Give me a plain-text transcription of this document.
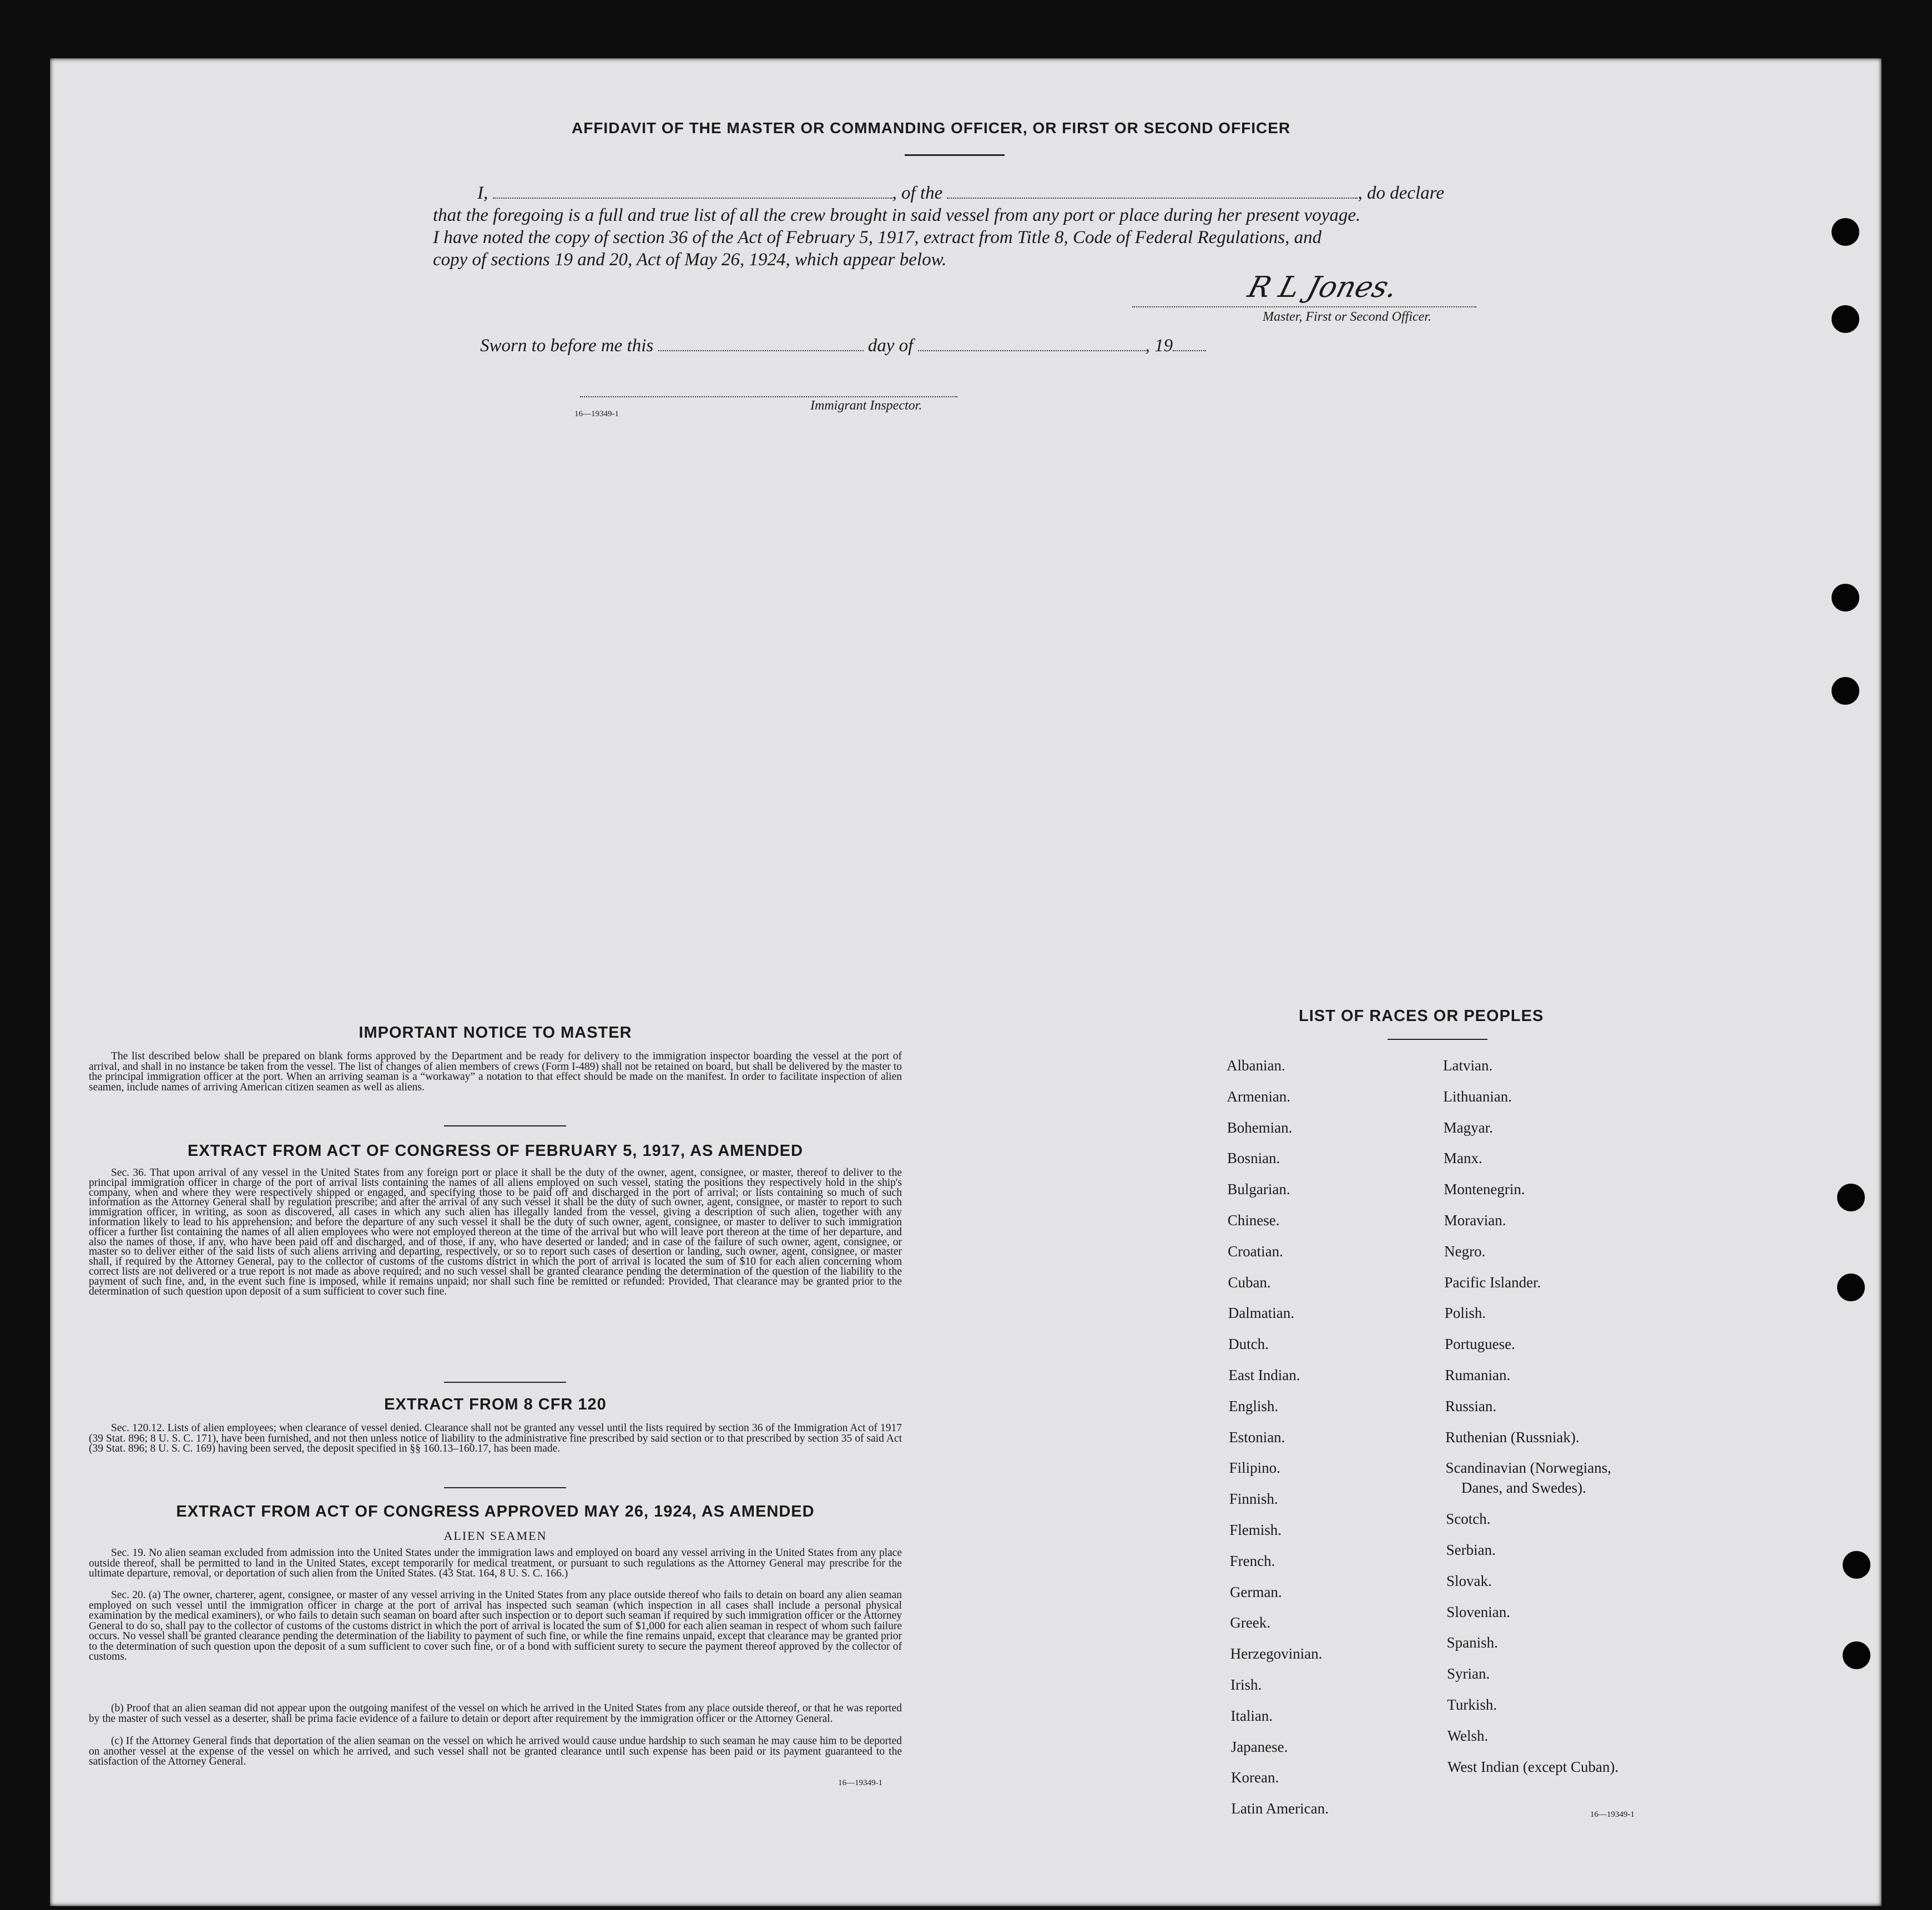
AFFIDAVIT OF THE MASTER OR COMMANDING OFFICER, OR FIRST OR SECOND OFFICER
I,	, of the	, do declare
that the foregoing is a full and true list of all the crew brought in said vessel from any port or place during her present voyage.
I have noted the copy of section 36 of the Act of February 5, 1917, extract from Title 8, Code of Federal Regulations, and
copy of sections 19 and 20, Act of May 26, 1924, which appear below.
R L Jones.
Master, First or Second Officer.
Sworn to before me this	day of	, 19
16—19349-1
Immigrant Inspector.
IMPORTANT NOTICE TO MASTER

The list described below shall be prepared on blank forms approved by the Department and be ready for delivery to the immigration inspector boarding the vessel at the port of arrival, and shall in no instance be taken from the vessel. The list of changes of alien members of crews (Form I-489) shall not be retained on board, but shall be delivered by the master to the principal immigration officer at the port. When an arriving seaman is a “workaway” a notation to that effect should be made on the manifest. In order to facilitate inspection of alien seamen, include names of arriving American citizen seamen as well as aliens.

EXTRACT FROM ACT OF CONGRESS OF FEBRUARY 5, 1917, AS AMENDED

Sec. 36. That upon arrival of any vessel in the United States from any foreign port or place it shall be the duty of the owner, agent, consignee, or master, thereof to deliver to the principal immigration officer in charge of the port of arrival lists containing the names of all aliens employed on such vessel, stating the positions they respectively hold in the ship's company, when and where they were respectively shipped or engaged, and specifying those to be paid off and discharged in the port of arrival; or lists containing so much of such information as the Attorney General shall by regulation prescribe; and after the arrival of any such vessel it shall be the duty of such owner, agent, consignee, or master to report to such immigration officer, in writing, as soon as discovered, all cases in which any such alien has illegally landed from the vessel, giving a description of such alien, together with any information likely to lead to his apprehension; and before the departure of any such vessel it shall be the duty of such owner, agent, consignee, or master to deliver to such immigration officer a further list containing the names of all alien employees who were not employed thereon at the time of the arrival but who will leave port thereon at the time of her departure, and also the names of those, if any, who have been paid off and discharged, and of those, if any, who have deserted or landed; and in case of the failure of such owner, agent, consignee, or master so to deliver either of the said lists of such aliens arriving and departing, respectively, or so to report such cases of desertion or landing, such owner, agent, consignee, or master shall, if required by the Attorney General, pay to the collector of customs of the customs district in which the port of arrival is located the sum of $10 for each alien concerning whom correct lists are not delivered or a true report is not made as above required; and no such vessel shall be granted clearance pending the determination of the question of the liability to the payment of such fine, and, in the event such fine is imposed, while it remains unpaid; nor shall such fine be remitted or refunded: Provided, That clearance may be granted prior to the determination of such question upon deposit of a sum sufficient to cover such fine.

EXTRACT FROM 8 CFR 120

Sec. 120.12. Lists of alien employees; when clearance of vessel denied. Clearance shall not be granted any vessel until the lists required by section 36 of the Immigration Act of 1917 (39 Stat. 896; 8 U. S. C. 171), have been furnished, and not then unless notice of liability to the administrative fine prescribed by said section or to that prescribed by section 35 of said Act (39 Stat. 896; 8 U. S. C. 169) having been served, the deposit specified in §§ 160.13–160.17, has been made.

EXTRACT FROM ACT OF CONGRESS APPROVED MAY 26, 1924, AS AMENDED
ALIEN SEAMEN

Sec. 19. No alien seaman excluded from admission into the United States under the immigration laws and employed on board any vessel arriving in the United States from any place outside thereof, shall be permitted to land in the United States, except temporarily for medical treatment, or pursuant to such regulations as the Attorney General may prescribe for the ultimate departure, removal, or deportation of such alien from the United States. (43 Stat. 164, 8 U. S. C. 166.)

Sec. 20. (a) The owner, charterer, agent, consignee, or master of any vessel arriving in the United States from any place outside thereof who fails to detain on board any alien seaman employed on such vessel until the immigration officer in charge at the port of arrival has inspected such seaman (which inspection in all cases shall include a personal physical examination by the medical examiners), or who fails to detain such seaman on board after such inspection or to deport such seaman if required by such immigration officer or the Attorney General to do so, shall pay to the collector of customs of the customs district in which the port of arrival is located the sum of $1,000 for each alien seaman in respect of whom such failure occurs. No vessel shall be granted clearance pending the determination of the liability to payment of such fine, or while the fine remains unpaid, except that clearance may be granted prior to the determination of such question upon the deposit of a sum sufficient to cover such fine, or of a bond with sufficient surety to secure the payment thereof approved by the collector of customs.

(b) Proof that an alien seaman did not appear upon the outgoing manifest of the vessel on which he arrived in the United States from any place outside thereof, or that he was reported by the master of such vessel as a deserter, shall be prima facie evidence of a failure to detain or deport after requirement by the immigration officer or the Attorney General.

(c) If the Attorney General finds that deportation of the alien seaman on the vessel on which he arrived would cause undue hardship to such seaman he may cause him to be deported on another vessel at the expense of the vessel on which he arrived, and such vessel shall not be granted clearance until such expense has been paid or its payment guaranteed to the satisfaction of the Attorney General.

16—19349-1
LIST OF RACES OR PEOPLES
Albanian.
Armenian.
Bohemian.
Bosnian.
Bulgarian.
Chinese.
Croatian.
Cuban.
Dalmatian.
Dutch.
East Indian.
English.
Estonian.
Filipino.
Finnish.
Flemish.
French.
German.
Greek.
Herzegovinian.
Irish.
Italian.
Japanese.
Korean.
Latin American.
Latvian.
Lithuanian.
Magyar.
Manx.
Montenegrin.
Moravian.
Negro.
Pacific Islander.
Polish.
Portuguese.
Rumanian.
Russian.
Ruthenian (Russniak).
Scandinavian (Norwegians,
Danes, and Swedes).
Scotch.
Serbian.
Slovak.
Slovenian.
Spanish.
Syrian.
Turkish.
Welsh.
West Indian (except Cuban).
16—19349-1
